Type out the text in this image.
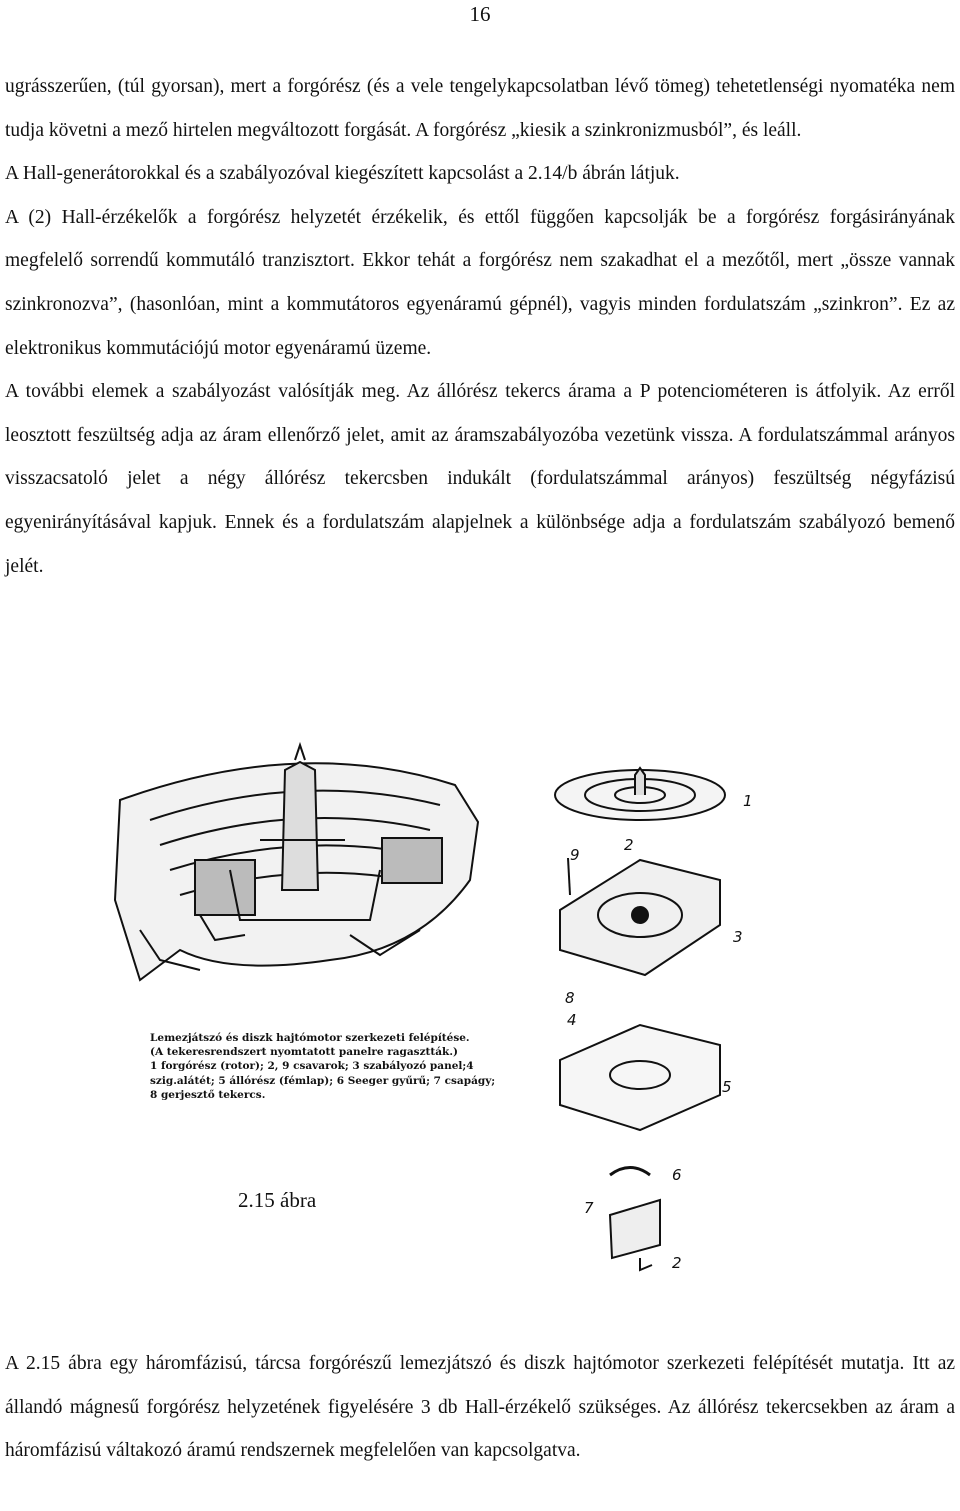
16

ugrásszerűen, (túl gyorsan), mert a forgórész (és a vele tengelykapcsolatban lévő tömeg) tehetetlenségi nyomatéka nem tudja követni a mező hirtelen megváltozott forgását. A forgórész „kiesik a szinkronizmusból”, és leáll.

A Hall-generátorokkal és a szabályozóval kiegészített kapcsolást a 2.14/b ábrán látjuk.

A (2) Hall-érzékelők a forgórész helyzetét érzékelik, és ettől függően kapcsolják be a forgórész forgásirányának megfelelő sorrendű kommutáló tranzisztort. Ekkor tehát a forgórész nem szakadhat el a mezőtől, mert „össze vannak szinkronozva”, (hasonlóan, mint a kommutátoros egyenáramú gépnél), vagyis minden fordulatszám „szinkron”. Ez az elektronikus kommutációjú motor egyenáramú üzeme.

A további elemek a szabályozást valósítják meg. Az állórész tekercs árama a P potenciométeren is átfolyik. Az erről leosztott feszültség adja az áram ellenőrző jelet, amit az áramszabályozóba vezetünk vissza. A fordulatszámmal arányos visszacsatoló jelet a négy állórész tekercsben indukált (fordulatszámmal arányos) feszültség négyfázisú egyenirányításával kapjuk. Ennek és a fordulatszám alapjelnek a különbsége adja a fordulatszám szabályozó bemenő jelét.

1
2
9
3
8
4
5
6
7
2
Lemezjátszó és diszk hajtómotor szerkezeti felépítése.
(A tekeresrendszert nyomtatott panelre ragasztták.)
1 forgórész (rotor); 2, 9 csavarok; 3 szabályozó panel;4
szig.alátét; 5 állórész (fémlap); 6 Seeger gyűrű; 7 csapágy;
8 gerjesztő tekercs.
2.15 ábra

A 2.15 ábra egy háromfázisú, tárcsa forgórészű lemezjátszó és diszk hajtómotor szerkezeti felépítését mutatja. Itt az állandó mágnesű forgórész helyzetének figyelésére 3 db Hall-érzékelő szükséges. Az állórész tekercsekben az áram a háromfázisú váltakozó áramú rendszernek megfelelően van kapcsolgatva.
